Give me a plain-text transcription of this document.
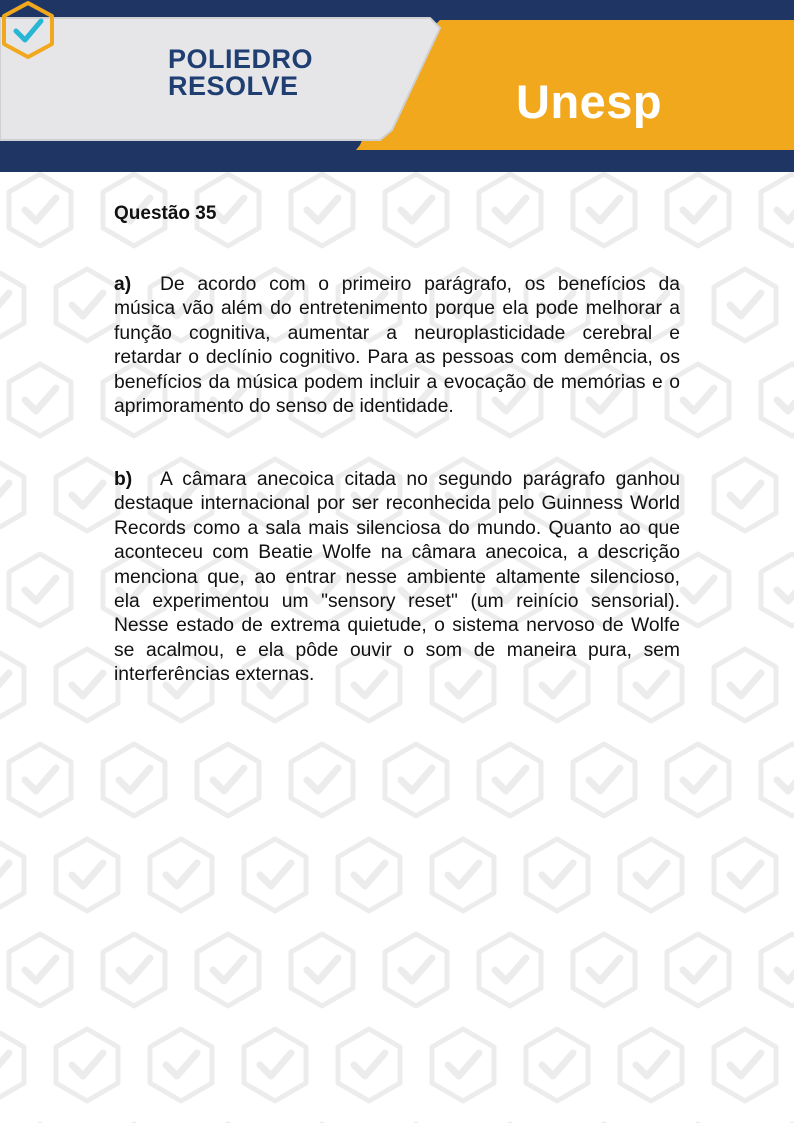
POLIEDRO
RESOLVE	Unesp
Questão 35

a) De acordo com o primeiro parágrafo, os benefícios da música vão além do entretenimento porque ela pode melhorar a função cognitiva, aumentar a neuroplasticidade cerebral e retardar o declínio cognitivo. Para as pessoas com demência, os benefícios da música podem incluir a evocação de memórias e o aprimoramento do senso de identidade.

b) A câmara anecoica citada no segundo parágrafo ganhou destaque internacional por ser reconhecida pelo Guinness World Records como a sala mais silenciosa do mundo. Quanto ao que aconteceu com Beatie Wolfe na câmara anecoica, a descrição menciona que, ao entrar nesse ambiente altamente silencioso, ela experimentou um "sensory reset" (um reinício sensorial). Nesse estado de extrema quietude, o sistema nervoso de Wolfe se acalmou, e ela pôde ouvir o som de maneira pura, sem interferências externas.
